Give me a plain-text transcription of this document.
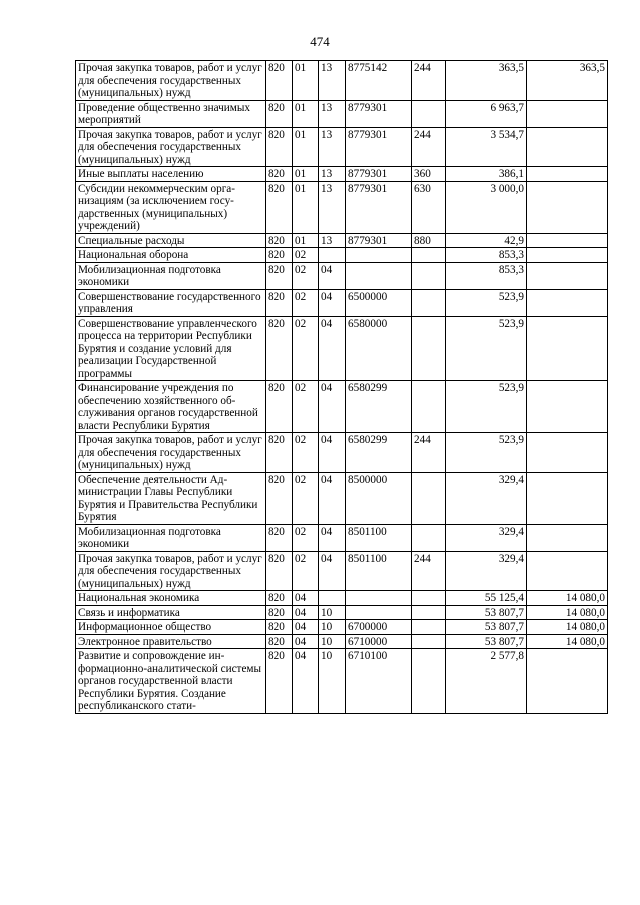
474
Прочая закупка товаров, работ и услуг для обеспечения государственных (муниципальных) нужд	820	01	13	8775142	244	363,5	363,5
Проведение общественно значимых мероприятий	820	01	13	8779301		6 963,7	
Прочая закупка товаров, работ и услуг для обеспечения государственных (муниципальных) нужд	820	01	13	8779301	244	3 534,7	
Иные выплаты населению	820	01	13	8779301	360	386,1	
Субсидии некоммерческим организациям (за исключением государственных (муниципальных) учреждений)	820	01	13	8779301	630	3 000,0	
Специальные расходы	820	01	13	8779301	880	42,9	
Национальная оборона	820	02				853,3	
Мобилизационная подготовка экономики	820	02	04			853,3	
Совершенствование государственного управления	820	02	04	6500000		523,9	
Совершенствование управленческого процесса на территории Республики Бурятия и создание условий для реализации Государственной программы	820	02	04	6580000		523,9	
Финансирование учреждения по обеспечению хозяйственного обслуживания органов государственной власти Республики Бурятия	820	02	04	6580299		523,9	
Прочая закупка товаров, работ и услуг для обеспечения государственных (муниципальных) нужд	820	02	04	6580299	244	523,9	
Обеспечение деятельности Администрации Главы Республики Бурятия и Правительства Республики Бурятия	820	02	04	8500000		329,4	
Мобилизационная подготовка экономики	820	02	04	8501100		329,4	
Прочая закупка товаров, работ и услуг для обеспечения государственных (муниципальных) нужд	820	02	04	8501100	244	329,4	
Национальная экономика	820	04				55 125,4	14 080,0
Связь и информатика	820	04	10			53 807,7	14 080,0
Информационное общество	820	04	10	6700000		53 807,7	14 080,0
Электронное правительство	820	04	10	6710000		53 807,7	14 080,0
Развитие и сопровождение информационно-аналитической системы органов государственной власти Республики Бурятия. Создание республиканского стати-	820	04	10	6710100		2 577,8	
